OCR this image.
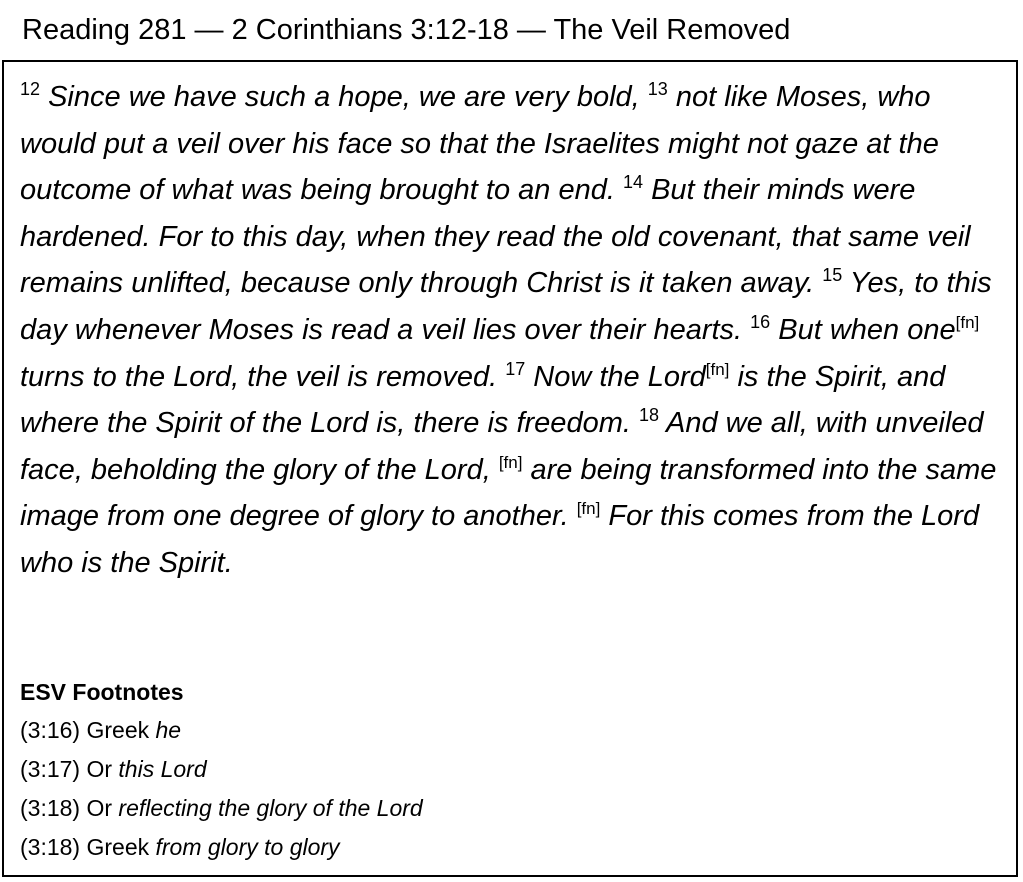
Reading 281 — 2 Corinthians 3:12-18 — The Veil Removed

$^{12}$ Since we have such a hope, we are very bold, $^{13}$ not like Moses, who would put a veil over his face so that the Israelites might not gaze at the outcome of what was being brought to an end. $^{14}$ But their minds were hardened. For to this day, when they read the old covenant, that same veil remains unlifted, because only through Christ is it taken away. $^{15}$ Yes, to this day whenever Moses is read a veil lies over their hearts. $^{16}$ But when one[fn] turns to the Lord, the veil is removed. $^{17}$ Now the Lord[fn] is the Spirit, and where the Spirit of the Lord is, there is freedom. $^{18}$ And we all, with unveiled face, beholding the glory of the Lord, [fn] are being transformed into the same image from one degree of glory to another. [fn] For this comes from the Lord who is the Spirit.

ESV Footnotes

(3:16) Greek he

(3:17) Or this Lord

(3:18) Or reflecting the glory of the Lord

(3:18) Greek from glory to glory
